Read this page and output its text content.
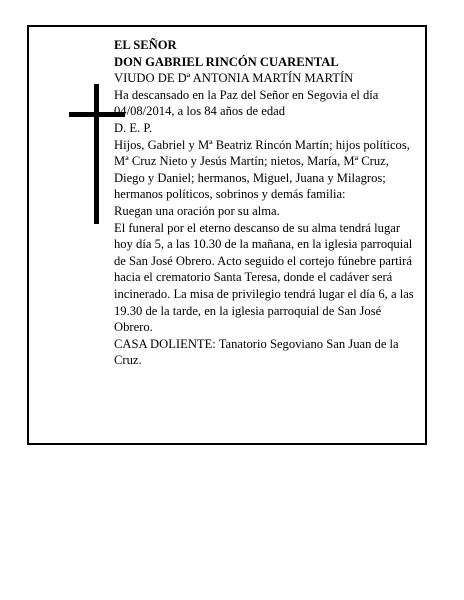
EL SEÑOR

DON GABRIEL RINCÓN CUARENTAL

VIUDO DE Dª ANTONIA MARTÍN MARTÍN

Ha descansado en la Paz del Señor en Segovia el día 04/08/2014, a los 84 años de edad

D. E. P.

Hijos, Gabriel y Mª Beatriz Rincón Martín; hijos políticos, Mª Cruz Nieto y Jesús Martín; nietos, María, Mª Cruz, Diego y Daniel; hermanos, Miguel, Juana y Milagros; hermanos políticos, sobrinos y demás familia:

Ruegan una oración por su alma.

El funeral por el eterno descanso de su alma tendrá lugar hoy día 5, a las 10.30 de la mañana, en la iglesia parroquial de San José Obrero. Acto seguido el cortejo fúnebre partirá hacia el crematorio Santa Teresa, donde el cadáver será incinerado. La misa de privilegio tendrá lugar el día 6, a las 19.30 de la tarde, en la iglesia parroquial de San José Obrero.

CASA DOLIENTE: Tanatorio Segoviano San Juan de la Cruz.
